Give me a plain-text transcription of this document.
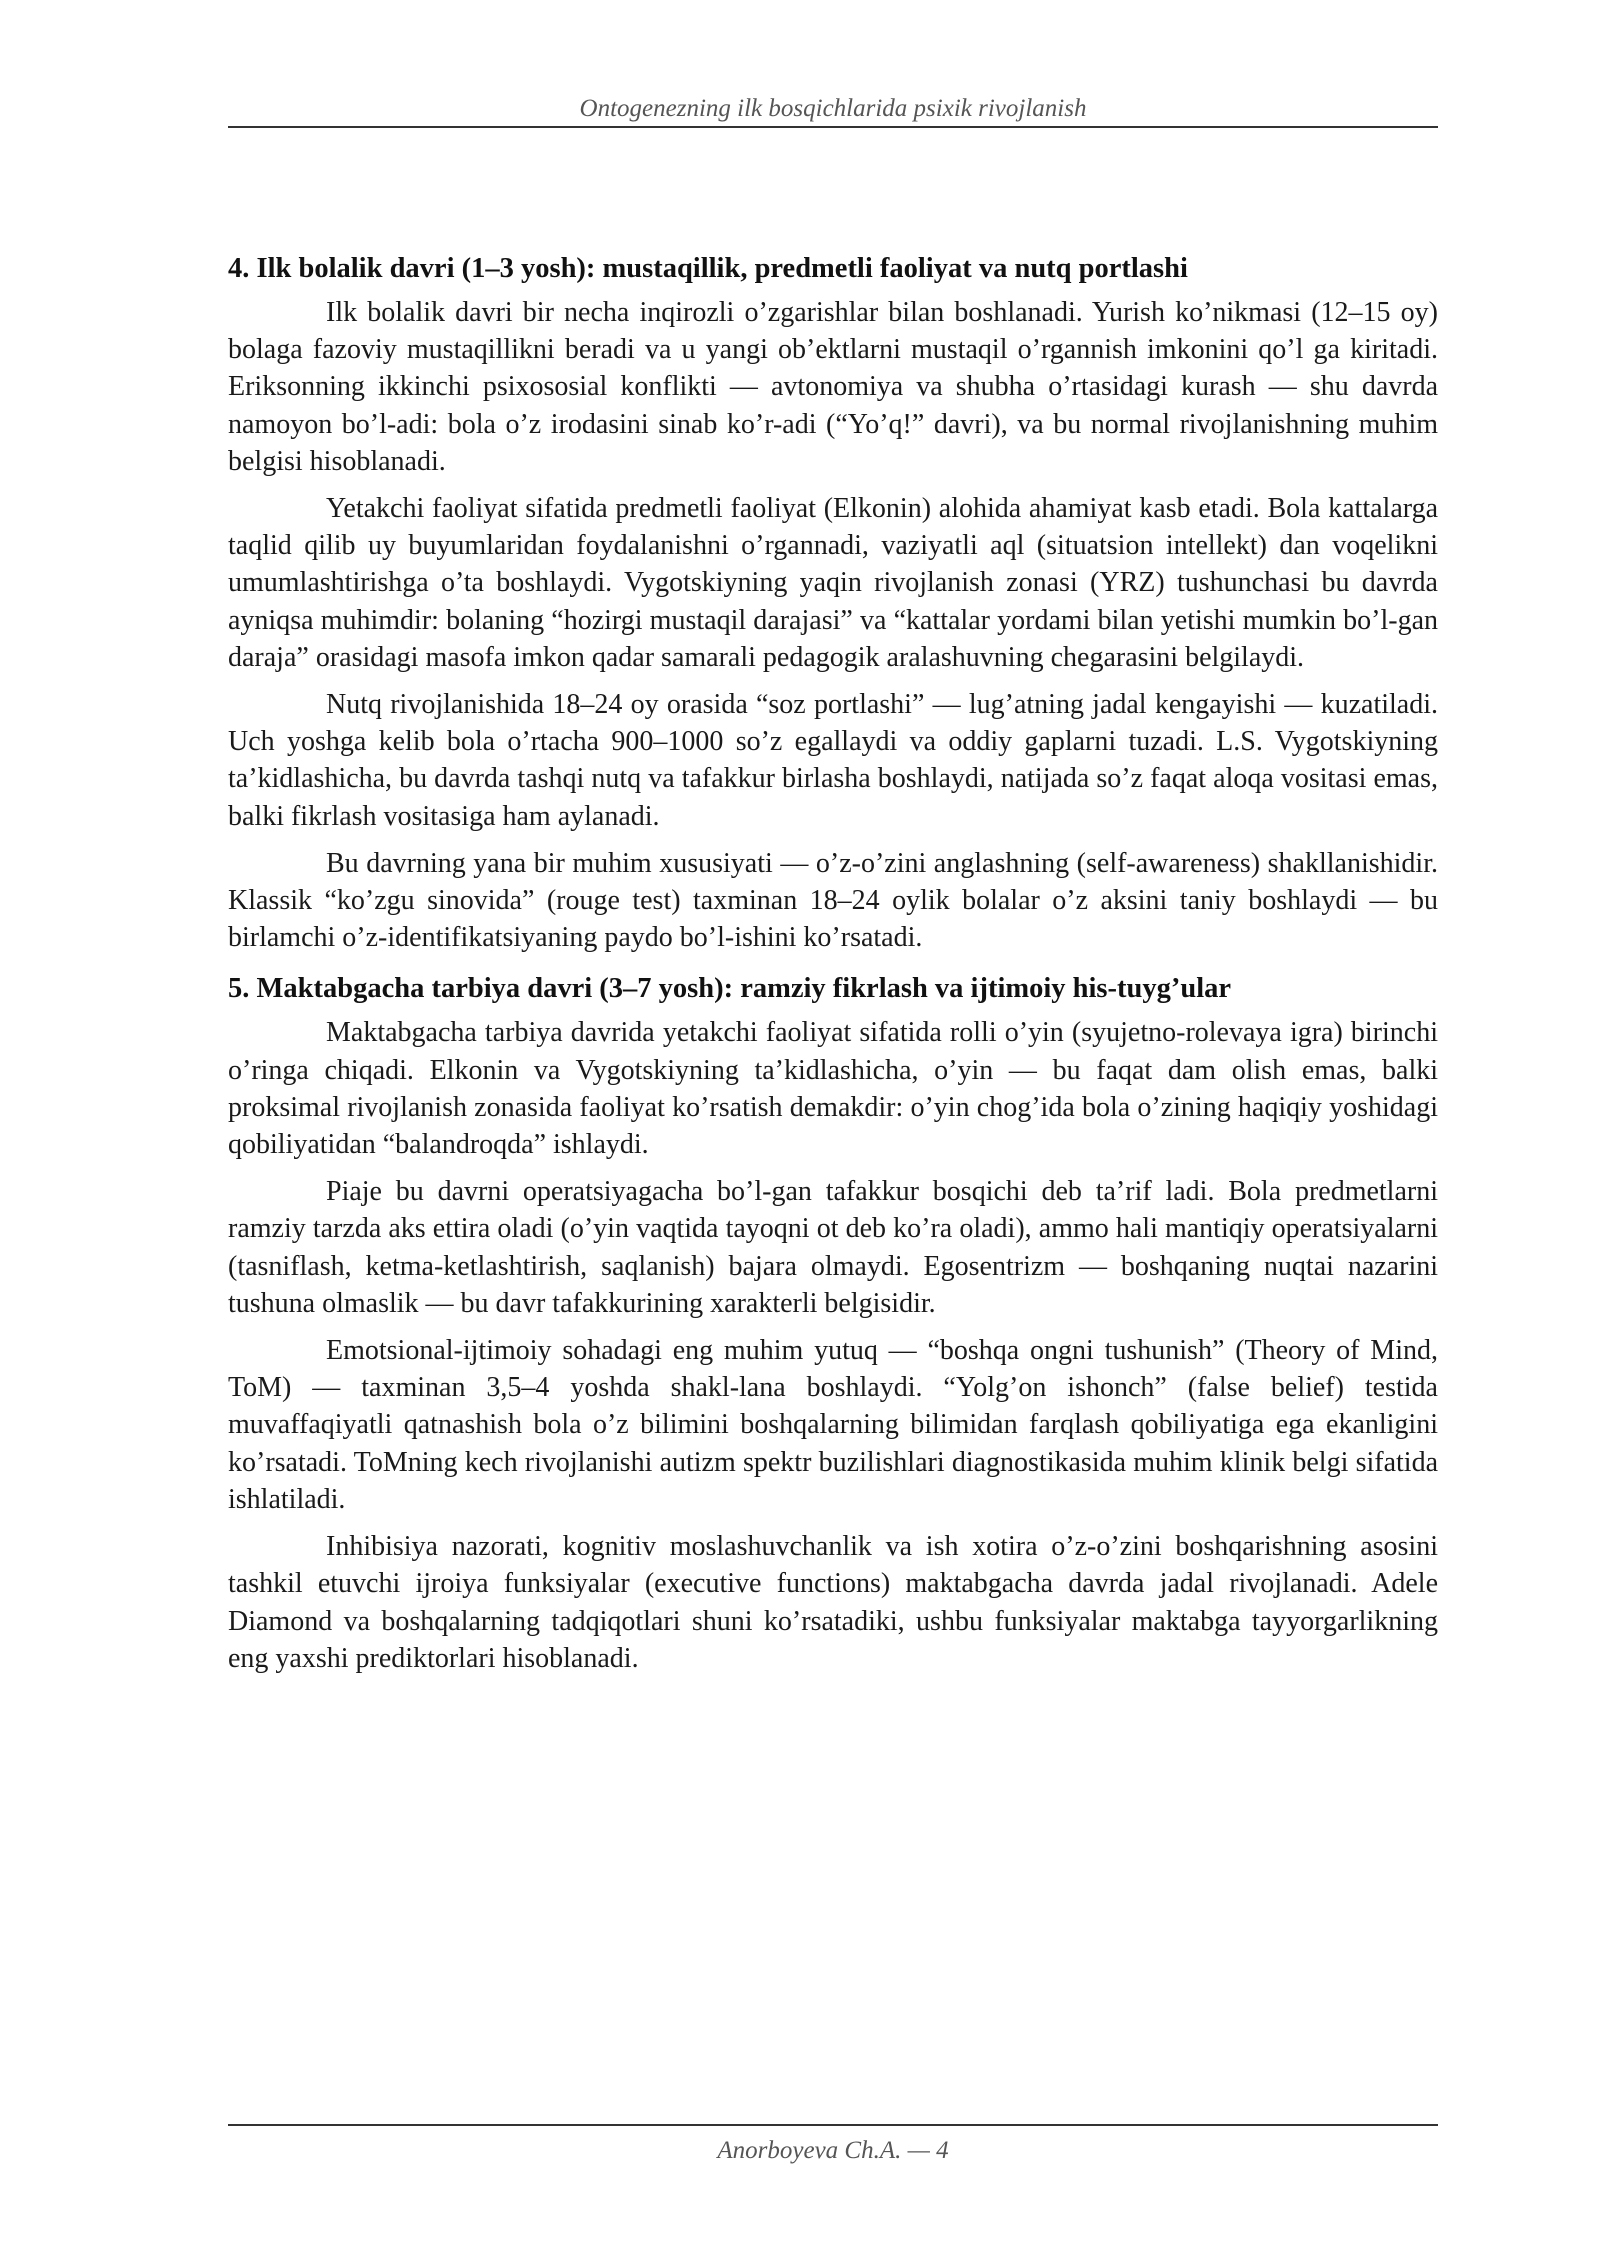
Ontogenezning ilk bosqichlarida psixik rivojlanish
4. Ilk bolalik davri (1–3 yosh): mustaqillik, predmetli faoliyat va nutq portlashi

Ilk bolalik davri bir necha inqirozli o’zgarishlar bilan boshlanadi. Yurish ko’nikmasi (12–15 oy) bolaga fazoviy mustaqillikni beradi va u yangi ob’ektlarni mustaqil o’rgannish imkonini qo’l ga kiritadi. Eriksonning ikkinchi psixososial konflikti — avtonomiya va shubha o’rtasidagi kurash — shu davrda namoyon bo’l-adi: bola o’z irodasini sinab ko’r-adi (“Yo’q!” davri), va bu normal rivojlanishning muhim belgisi hisoblanadi.

Yetakchi faoliyat sifatida predmetli faoliyat (Elkonin) alohida ahamiyat kasb etadi. Bola kattalarga taqlid qilib uy buyumlaridan foydalanishni o’rgannadi, vaziyatli aql (situatsion intellekt) dan voqelikni umumlashtirishga o’ta boshlaydi. Vygotskiyning yaqin rivojlanish zonasi (YRZ) tushunchasi bu davrda ayniqsa muhimdir: bolaning “hozirgi mustaqil darajasi” va “kattalar yordami bilan yetishi mumkin bo’l-gan daraja” orasidagi masofa imkon qadar samarali pedagogik aralashuvning chegarasini belgilaydi.

Nutq rivojlanishida 18–24 oy orasida “soz portlashi” — lug’atning jadal kengayishi — kuzatiladi. Uch yoshga kelib bola o’rtacha 900–1000 so’z egallaydi va oddiy gaplarni tuzadi. L.S. Vygotskiyning ta’kidlashicha, bu davrda tashqi nutq va tafakkur birlasha boshlaydi, natijada so’z faqat aloqa vositasi emas, balki fikrlash vositasiga ham aylanadi.

Bu davrning yana bir muhim xususiyati — o’z-o’zini anglashning (self-awareness) shakllanishidir. Klassik “ko’zgu sinovida” (rouge test) taxminan 18–24 oylik bolalar o’z aksini taniy boshlaydi — bu birlamchi o’z-identifikatsiyaning paydo bo’l-ishini ko’rsatadi.

5. Maktabgacha tarbiya davri (3–7 yosh): ramziy fikrlash va ijtimoiy his-tuyg’ular

Maktabgacha tarbiya davrida yetakchi faoliyat sifatida rolli o’yin (syujetno-rolevaya igra) birinchi o’ringa chiqadi. Elkonin va Vygotskiyning ta’kidlashicha, o’yin — bu faqat dam olish emas, balki proksimal rivojlanish zonasida faoliyat ko’rsatish demakdir: o’yin chog’ida bola o’zining haqiqiy yoshidagi qobiliyatidan “balandroqda” ishlaydi.

Piaje bu davrni operatsiyagacha bo’l-gan tafakkur bosqichi deb ta’rif ladi. Bola predmetlarni ramziy tarzda aks ettira oladi (o’yin vaqtida tayoqni ot deb ko’ra oladi), ammo hali mantiqiy operatsiyalarni (tasniflash, ketma-ketlashtirish, saqlanish) bajara olmaydi. Egosentrizm — boshqaning nuqtai nazarini tushuna olmaslik — bu davr tafakkurining xarakterli belgisidir.

Emotsional-ijtimoiy sohadagi eng muhim yutuq — “boshqa ongni tushunish” (Theory of Mind, ToM) — taxminan 3,5–4 yoshda shakl-lana boshlaydi. “Yolg’on ishonch” (false belief) testida muvaffaqiyatli qatnashish bola o’z bilimini boshqalarning bilimidan farqlash qobiliyatiga ega ekanligini ko’rsatadi. ToMning kech rivojlanishi autizm spektr buzilishlari diagnostikasida muhim klinik belgi sifatida ishlatiladi.

Inhibisiya nazorati, kognitiv moslashuvchanlik va ish xotira o’z-o’zini boshqarishning asosini tashkil etuvchi ijroiya funksiyalar (executive functions) maktabgacha davrda jadal rivojlanadi. Adele Diamond va boshqalarning tadqiqotlari shuni ko’rsatadiki, ushbu funksiyalar maktabga tayyorgarlikning eng yaxshi prediktorlari hisoblanadi.

Anorboyeva Ch.A. — 4
